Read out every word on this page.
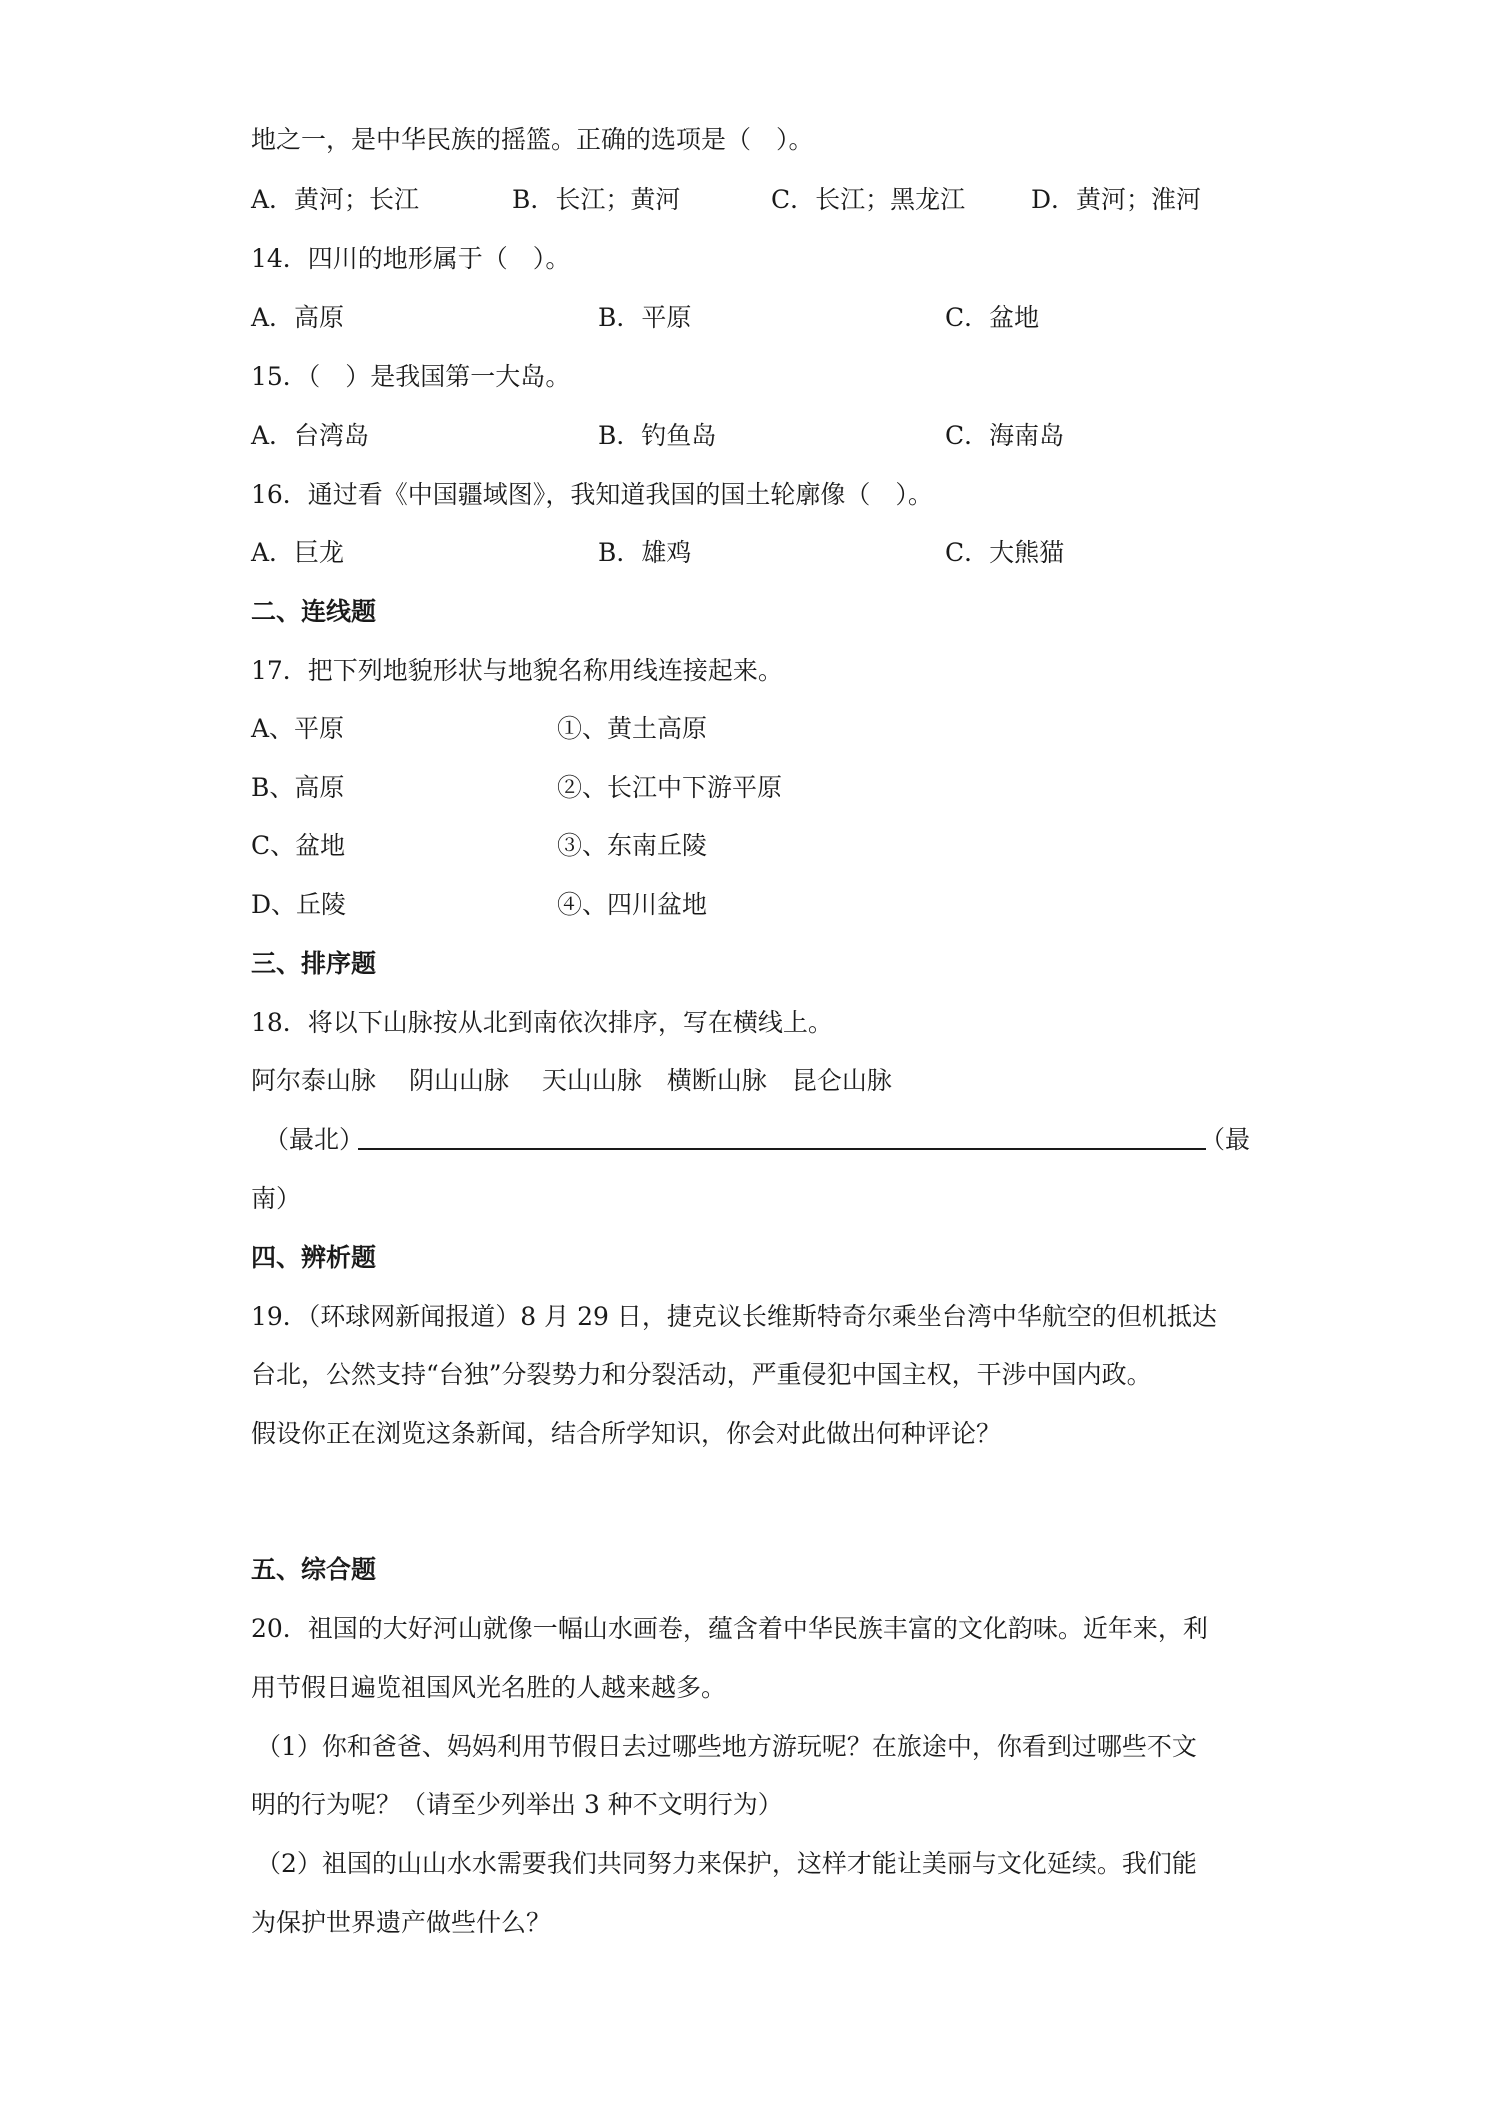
地之一，是中华民族的摇篮。正确的选项是（　）。
A．黄河；长江	B．长江；黄河	C．长江；黑龙江	D．黄河；淮河
14．四川的地形属于（　）。
A．高原	B．平原	C．盆地
15．（　）是我国第一大岛。
A．台湾岛	B．钓鱼岛	C．海南岛
16．通过看《中国疆域图》，我知道我国的国土轮廓像（　）。
A．巨龙	B．雄鸡	C．大熊猫
二、连线题
17．把下列地貌形状与地貌名称用线连接起来。
A、平原	①、黄土高原
B、高原	②、长江中下游平原
C、盆地	③、东南丘陵
D、丘陵	④、四川盆地
三、排序题
18．将以下山脉按从北到南依次排序，写在横线上。
阿尔泰山脉　 阴山山脉　 天山山脉　横断山脉　昆仑山脉
（最北）	（最
南）
四、辨析题
19．（环球网新闻报道）8 月 29 日，捷克议长维斯特奇尔乘坐台湾中华航空的但机抵达
台北，公然支持“台独”分裂势力和分裂活动，严重侵犯中国主权，干涉中国内政。
假设你正在浏览这条新闻，结合所学知识，你会对此做出何种评论？
五、综合题
20．祖国的大好河山就像一幅山水画卷，蕴含着中华民族丰富的文化韵味。近年来，利
用节假日遍览祖国风光名胜的人越来越多。
（1）你和爸爸、妈妈利用节假日去过哪些地方游玩呢？在旅途中，你看到过哪些不文
明的行为呢？（请至少列举出 3 种不文明行为）
（2）祖国的山山水水需要我们共同努力来保护，这样才能让美丽与文化延续。我们能
为保护世界遗产做些什么？
